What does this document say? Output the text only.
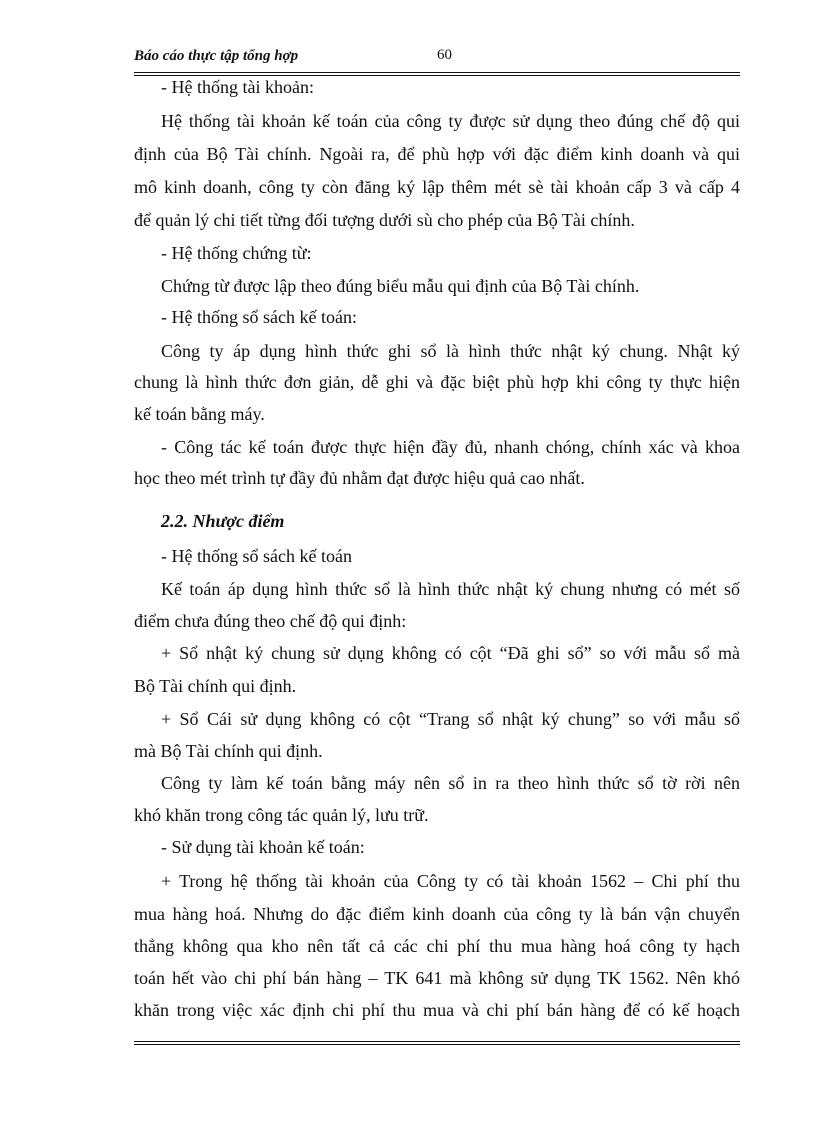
Báo cáo thực tập tổng hợp	60
- Hệ thống tài khoản:
Hệ thống tài khoản kế toán của công ty được sử dụng theo đúng chế độ qui
định của Bộ Tài chính. Ngoài ra, để phù hợp với đặc điểm kinh doanh và qui
mô kinh doanh, công ty còn đăng ký lập thêm mét sè tài khoản cấp 3 và cấp 4
để quản lý chi tiết từng đối tượng dưới sù cho phép của Bộ Tài chính.
- Hệ thống chứng từ:
Chứng từ được lập theo đúng biểu mẫu qui định của Bộ Tài chính.
- Hệ thống sổ sách kế toán:
Công ty áp dụng hình thức ghi sổ là hình thức nhật ký chung. Nhật ký
chung là hình thức đơn giản, dễ ghi và đặc biệt phù hợp khi công ty thực hiện
kế toán bằng máy.
- Công tác kế toán được thực hiện đầy đủ, nhanh chóng, chính xác và khoa
học theo mét trình tự đầy đủ nhằm đạt được hiệu quả cao nhất.
2.2. Nhược điểm
- Hệ thống sổ sách kế toán
Kế toán áp dụng hình thức sổ là hình thức nhật ký chung nhưng có mét số
điểm chưa đúng theo chế độ qui định:
+ Sổ nhật ký chung sử dụng không có cột “Đã ghi sổ” so với mẫu sổ mà
Bộ Tài chính qui định.
+ Sổ Cái sử dụng không có cột “Trang sổ nhật ký chung” so với mẫu sổ
mà Bộ Tài chính qui định.
Công ty làm kế toán bằng máy nên sổ in ra theo hình thức sổ tờ rời nên
khó khăn trong công tác quản lý, lưu trữ.
- Sử dụng tài khoản kế toán:
+ Trong hệ thống tài khoản của Công ty có tài khoản 1562 – Chi phí thu
mua hàng hoá. Nhưng do đặc điểm kinh doanh của công ty là bán vận chuyển
thẳng không qua kho nên tất cả các chi phí thu mua hàng hoá công ty hạch
toán hết vào chi phí bán hàng – TK 641 mà không sử dụng TK 1562. Nên khó
khăn trong việc xác định chi phí thu mua và chi phí bán hàng để có kế hoạch
